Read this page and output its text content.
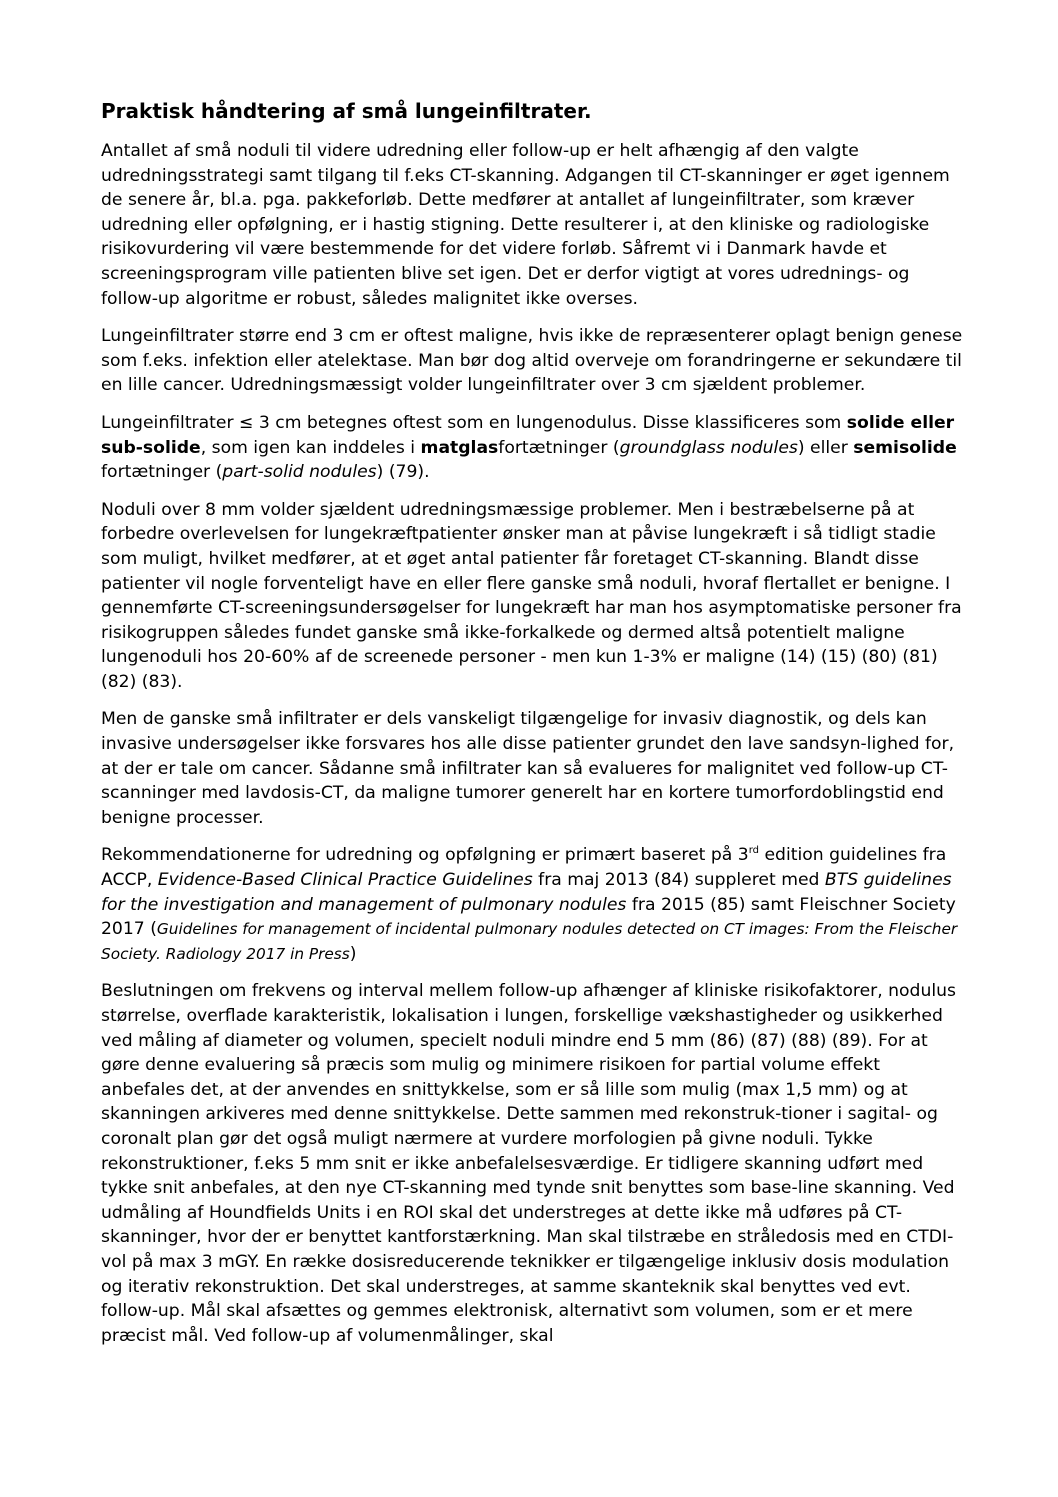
Praktisk håndtering af små lungeinfiltrater.

Antallet af små noduli til videre udredning eller follow-up er helt afhængig af den valgte udredningsstrategi samt tilgang til f.eks CT-skanning. Adgangen til CT-skanninger er øget igennem de senere år, bl.a. pga. pakkeforløb. Dette medfører at antallet af lungeinfiltrater, som kræver udredning eller opfølgning, er i hastig stigning. Dette resulterer i, at den kliniske og radiologiske risikovurdering vil være bestemmende for det videre forløb. Såfremt vi i Danmark havde et screeningsprogram ville patienten blive set igen. Det er derfor vigtigt at vores udrednings- og follow-up algoritme er robust, således malignitet ikke overses.

Lungeinfiltrater større end 3 cm er oftest maligne, hvis ikke de repræsenterer oplagt benign genese som f.eks. infektion eller atelektase. Man bør dog altid overveje om forandringerne er sekundære til en lille cancer. Udredningsmæssigt volder lungeinfiltrater over 3 cm sjældent problemer.

Lungeinfiltrater ≤ 3 cm betegnes oftest som en lungenodulus. Disse klassificeres som solide eller sub-solide, som igen kan inddeles i matglasfortætninger (groundglass nodules) eller semisolide fortætninger (part-solid nodules) (79).

Noduli over 8 mm volder sjældent udredningsmæssige problemer. Men i bestræbelserne på at forbedre overlevelsen for lungekræftpatienter ønsker man at påvise lungekræft i så tidligt stadie som muligt, hvilket medfører, at et øget antal patienter får foretaget CT-skanning. Blandt disse patienter vil nogle forventeligt have en eller flere ganske små noduli, hvoraf flertallet er benigne. I gennemførte CT-screeningsundersøgelser for lungekræft har man hos asymptomatiske personer fra risikogruppen således fundet ganske små ikke-forkalkede og dermed altså potentielt maligne lungenoduli hos 20-60% af de screenede personer - men kun 1-3% er maligne (14) (15) (80) (81) (82) (83).

Men de ganske små infiltrater er dels vanskeligt tilgængelige for invasiv diagnostik, og dels kan invasive undersøgelser ikke forsvares hos alle disse patienter grundet den lave sandsyn-lighed for, at der er tale om cancer. Sådanne små infiltrater kan så evalueres for malignitet ved follow-up CT-scanninger med lavdosis-CT, da maligne tumorer generelt har en kortere tumorfordoblingstid end benigne processer.

Rekommendationerne for udredning og opfølgning er primært baseret på 3rd edition guidelines fra ACCP, Evidence-Based Clinical Practice Guidelines fra maj 2013 (84) suppleret med BTS guidelines for the investigation and management of pulmonary nodules fra 2015 (85) samt Fleischner Society 2017 (Guidelines for management of incidental pulmonary nodules detected on CT images: From the Fleischer Society. Radiology 2017 in Press)

Beslutningen om frekvens og interval mellem follow-up afhænger af kliniske risikofaktorer, nodulus størrelse, overflade karakteristik, lokalisation i lungen, forskellige vækshastigheder og usikkerhed ved måling af diameter og volumen, specielt noduli mindre end 5 mm (86) (87) (88) (89). For at gøre denne evaluering så præcis som mulig og minimere risikoen for partial volume effekt anbefales det, at der anvendes en snittykkelse, som er så lille som mulig (max 1,5 mm) og at skanningen arkiveres med denne snittykkelse. Dette sammen med rekonstruk-tioner i sagital- og coronalt plan gør det også muligt nærmere at vurdere morfologien på givne noduli. Tykke rekonstruktioner, f.eks 5 mm snit er ikke anbefalelsesværdige. Er tidligere skanning udført med tykke snit anbefales, at den nye CT-skanning med tynde snit benyttes som base-line skanning. Ved udmåling af Houndfields Units i en ROI skal det understreges at dette ikke må udføres på CT-skanninger, hvor der er benyttet kantforstærkning. Man skal tilstræbe en stråledosis med en CTDI-vol på max 3 mGY. En række dosisreducerende teknikker er tilgængelige inklusiv dosis modulation og iterativ rekonstruktion. Det skal understreges, at samme skanteknik skal benyttes ved evt. follow-up. Mål skal afsættes og gemmes elektronisk, alternativt som volumen, som er et mere præcist mål. Ved follow-up af volumenmålinger, skal
